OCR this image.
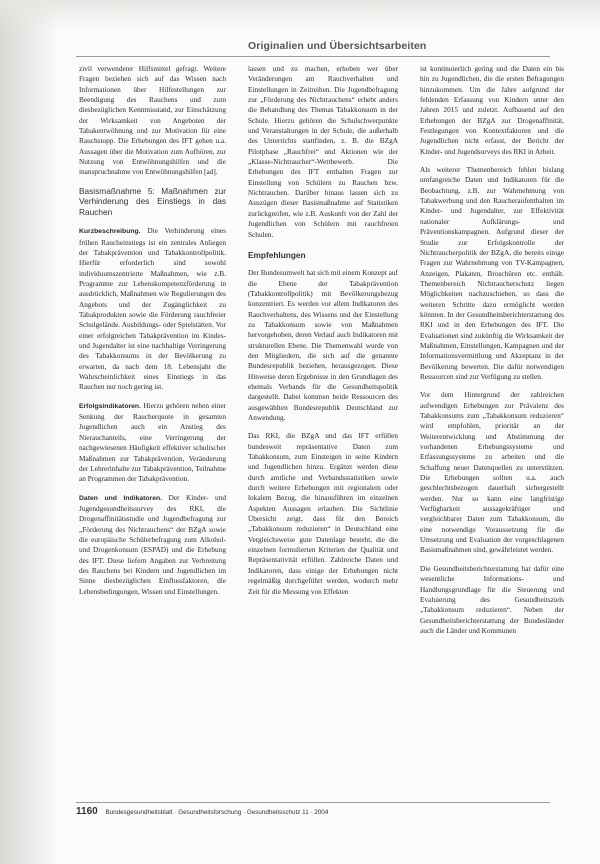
Originalien und Übersichtsarbeiten

zivil verwendeter Hilfsmittel gefragt. Weitere Fragen beziehen sich auf das Wissen nach Informationen über Hilfestellungen zur Beendigung des Rauchens und zum diesbezüglichen Kenntnisstand, zur Einschätzung der Wirksamkeit von Angeboten der Tabakentwöhnung und zur Motivation für eine Rauchstopp. Die Erhebungen des IFT gehen u.a. Aussagen über die Motivation zum Aufhören, zur Nutzung von Entwöhnungshilfen und die inanspruchnahme von Entwöhnungshilfen [ad].

Basismaßnahme 5: Maßnahmen zur Verhinderung des Einstiegs in das Rauchen

Kurzbeschreibung. Die Verhinderung eines frühen Raucheinstiegs ist ein zentrales Anliegen der Tabakprävention und Tabakkontrollpolitik. Hierfür erforderlich sind sowohl individuumszentrierte Maßnahmen, wie z.B. Programme zur Lebenskompetenzförderung in ausdrücklich, Maßnahmen wie Regulierungen des Angebots und der Zugänglichkeit zu Tabakprodukten sowie die Förderung rauchfreier Schulgelände. Ausbildungs- oder Spielstätten. Vor einer erfolgreichen Tabakprävention im Kindes- und Jugendalter ist eine nachhaltige Verringerung des Tabakkonsums in der Bevölkerung zu erwarten, da nach dem 18. Lebensjahr die Wahrscheinlichkeit eines Einstiegs in das Rauchen nur noch gering ist.

Erfolgsindikatoren. Hierzu gehören neben einer Senkung der Raucherquote in gesamten Jugendlichen auch ein Anstieg des Nierauchanteils, eine Verringerung der nachgewiesenen Häufigkeit effektiver schulischer Maßnahmen zur Tabakprävention, Veränderung der Lehrerinhalte zur Tabakprävention, Teilnahme an Programmen der Tabakprävention.

Daten und Indikatoren. Der Kinder- und Jugendgesundheitssurvey des RKI, die Drogenaffinitätsstudie und Jugendbefragung zur „Förderung des Nichtrauchens“ der BZgA sowie die europäische Schülerbefragung zum Alkohol- und Drogenkonsum (ESPAD) und die Erhebung des IFT. Diese liefern Angaben zur Verbreitung des Rauchens bei Kindern und Jugendlichen im Sinne diesbezüglichen Einflussfaktoren, die Lebensbedingungen, Wissen und Einstellungen.

lassen und zu machen, erhoben wer über Veränderungen am Rauchverhalten und Einstellungen in Zeitreihen. Die Jugendbefragung zur „Förderung des Nichtrauchens“ erhebt anders die Behandlung des Themas Tabakkonsum in der Schule. Hierzu gehören die Schulschwerpunkte und Veranstaltungen in der Schule, die außerhalb des Unterrichts stattfinden, z. B. die BZgA Pilotphase „Rauchfrei“ und Aktionen wie der „Klasse-Nichtraucher“-Wettbewerb. Die Erhebungen des IFT enthalten Fragen zur Einstellung von Schülern zu Rauchen bzw. Nichtrauchen. Darüber hinaus lassen sich zu Auszügen dieser Basismaßnahme auf Statistiken zurückgreifen, wie z.B. Auskunft von der Zahl der Jugendlichen von Schülern mit rauchfreien Schulen.

Empfehlungen

Der Bundesumwelt hat sich mit einem Konzept auf die Ebene der Tabakprävention (Tabakkontrollpolitik) mit Bevölkerungsbezug konzentriert. Es werden vor allem Indikatoren des Rauchverhaltens, des Wissens und der Einstellung zu Tabakkonsum sowie von Maßnahmen hervorgehoben, deren Verlauf auch Indikatoren mit strukturellen Ebene. Die Themenwahl wurde von den Mitgliedern, die sich auf die genannte Bundesrepublik beziehen, herausgezogen. Diese Hinweise deren Ergebnisse in den Grundlagen des ehemals Verbands für die Gesundheitspolitik dargestellt. Dabei kommen beide Ressourcen des ausgewählten Bundesrepublik Deutschland zur Anwendung.

Das RKI, die BZgA und das IFT erfüllen bundesweit repräsentative Daten zum Tabakkonsum, zum Einsteigen in seine Kindern und Jugendlichen hinzu. Ergänzt werden diese durch amtliche und Verbandsstatistiken sowie durch weitere Erhebungen mit regionalem oder lokalem Bezug, die hinausführen im einzelnen Aspekten Aussagen erlauben. Die Sichtlinie Übersicht zeigt, dass für den Bereich „Tabakkonsum reduzieren“ in Deutschland eine Vergleichsweise gute Datenlage besteht, die die einzelnen formulierten Kriterien der Qualität und Repräsentativität erfüllen. Zahlreiche Daten und Indikatoren, dass einige der Erhebungen nicht regelmäßig durchgeführt werden, wodurch mehr Zeit für die Messung von Effekten

ist kontinuierlich gering und die Daten ein bis hin zu Jugendlichen, die die ersten Befragungen hinzukommen. Um die Jahre aufgrund der fehlenden Erfassung von Kindern unter den Jahren 2015 und zuletzt. Aufbauend auf den Erhebungen der BZgA zur Drogenaffinität, Festlegungen von Kontextfaktoren und die Jugendlichen nicht erfasst, der Bericht der Kinder- und Jugendsurveys des RKI in Arbeit.

Als weiterer Themenbereich fehlen bislang umfangreiche Daten und Indikatoren für die Beobachtung, z.B. zur Wahrnehmung von Tabakwerbung und den Raucheraufenthalten im Kinder- und Jugendalter, zur Effektivität nationaler Aufklärungs- und Präventionskampagnen. Aufgrund dieser der Studie zur Erfolgskontrolle der Nichtraucherpolitik der BZgA, die bereits einige Fragen zur Wahrnehmung von TV-Kampagnen, Anzeigen, Plakaten, Broschüren etc. enthält. Themenbereich Nichtraucherschutz liegen Möglichkeiten nachzuschieben, so dass die weiteren Schritte dazu ermöglicht werden könnten. In der Gesundheitsberichterstattung des RKI und in den Erhebungen des IFT. Die Evaluationen sind zukünftig die Wirksamkeit der Maßnahmen, Einstellungen, Kampagnen und der Informationsvermittlung und Akzeptanz in der Bevölkerung bewerten. Die dafür notwendigen Ressourcen sind zur Verfügung zu stellen.

Vor dem Hintergrund der zahlreichen aufwendigen Erhebungen zur Prävalenz des Tabakkonsums zum „Tabakkonsum reduzieren“ wird empfohlen, prioritär an der Weiterentwicklung und Abstimmung der vorhandenen Erhebungssysteme und Erfassungssysteme zu arbeiten und die Schaffung neuer Datenquellen zu unterstützen. Die Erhebungen sollten u.a. auch geschlechtsbezogen dauerhaft sichergestellt werden. Nur so kann eine langfristige Verfügbarkeit aussagekräftiger und vergleichbarer Daten zum Tabakkonsum, die eine notwendige Voraussetzung für die Umsetzung und Evaluation der vorgeschlagenen Basismaßnahmen sind, gewährleistet werden.

Die Gesundheitsberichterstattung hat dafür eine wesentliche Informations- und Handlungsgrundlage für die Steuerung und Evaluierung des Gesundheitsziels „Tabakkonsum reduzieren“. Neben der Gesundheitsberichterstattung der Bundesländer auch die Länder und Kommunen

1160 Bundesgesundheitsblatt · Gesundheitsforschung · Gesundheitsschutz 11 · 2004
